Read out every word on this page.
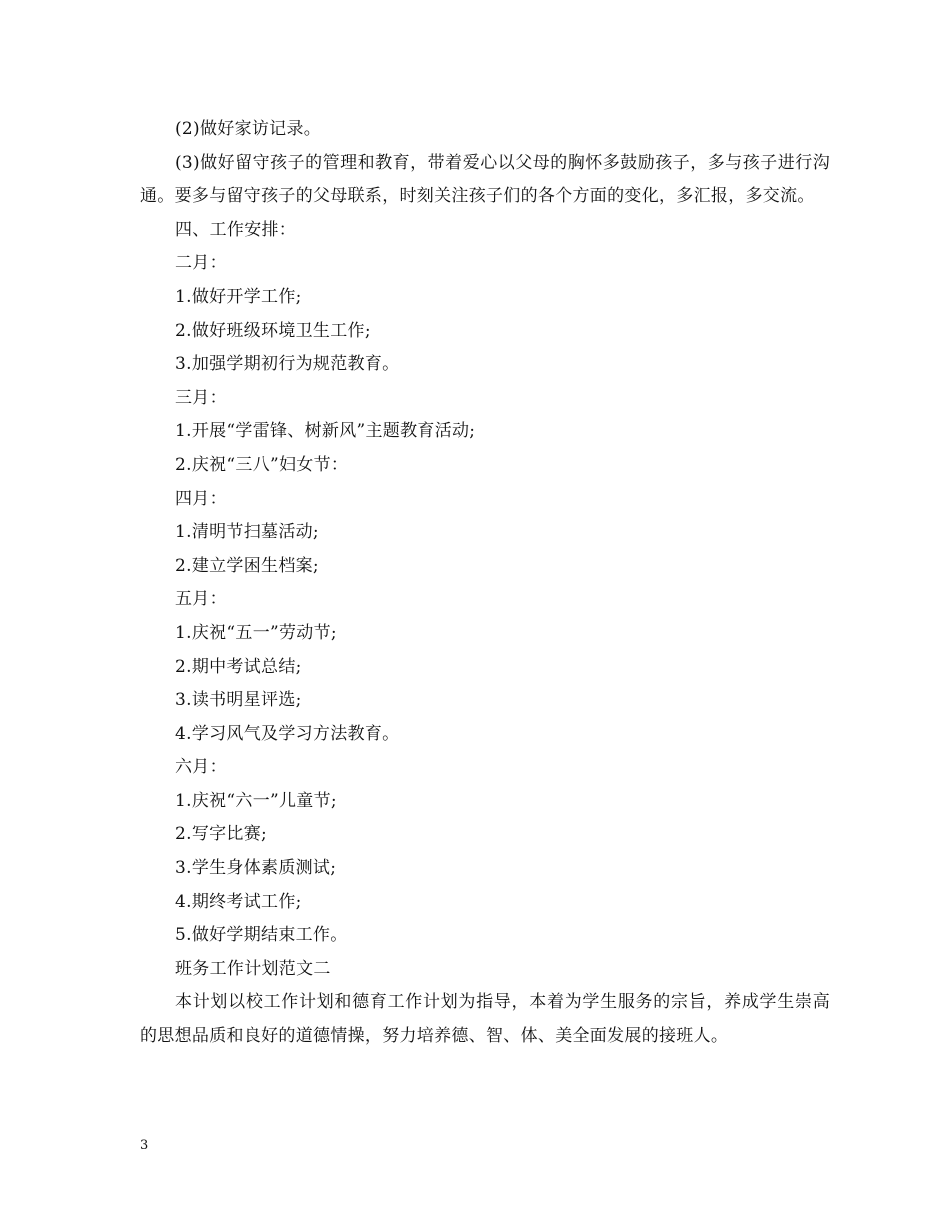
(2)做好家访记录。
(3)做好留守孩子的管理和教育，带着爱心以父母的胸怀多鼓励孩子，多与孩子进行沟通。要多与留守孩子的父母联系，时刻关注孩子们的各个方面的变化，多汇报，多交流。
四、工作安排：
二月：
1.做好开学工作;
2.做好班级环境卫生工作;
3.加强学期初行为规范教育。
三月：
1.开展“学雷锋、树新风”主题教育活动;
2.庆祝“三八”妇女节：
四月：
1.清明节扫墓活动;
2.建立学困生档案;
五月：
1.庆祝“五一”劳动节;
2.期中考试总结;
3.读书明星评选;
4.学习风气及学习方法教育。
六月：
1.庆祝“六一”儿童节;
2.写字比赛;
3.学生身体素质测试;
4.期终考试工作;
5.做好学期结束工作。
班务工作计划范文二
本计划以校工作计划和德育工作计划为指导，本着为学生服务的宗旨，养成学生崇高的思想品质和良好的道德情操，努力培养德、智、体、美全面发展的接班人。
3
